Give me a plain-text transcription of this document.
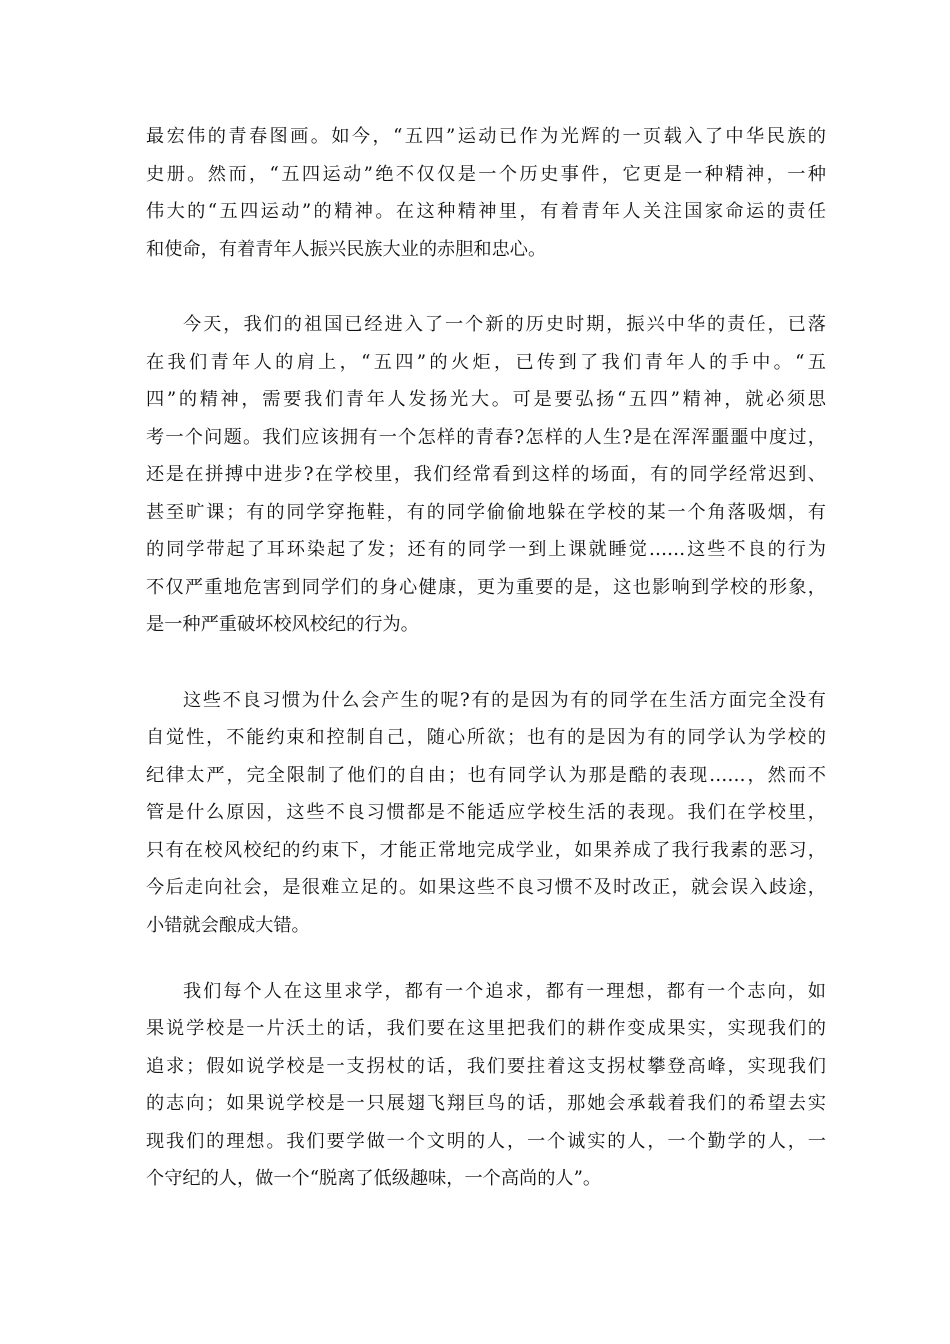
最宏伟的青春图画。如今，“五四”运动已作为光辉的一页载入了中华民族的
史册。然而，“五四运动”绝不仅仅是一个历史事件，它更是一种精神，一种
伟大的“五四运动”的精神。在这种精神里，有着青年人关注国家命运的责任
和使命，有着青年人振兴民族大业的赤胆和忠心。
今天，我们的祖国已经进入了一个新的历史时期，振兴中华的责任，已落
在我们青年人的肩上，“五四”的火炬，已传到了我们青年人的手中。“五
四”的精神，需要我们青年人发扬光大。可是要弘扬“五四”精神，就必须思
考一个问题。我们应该拥有一个怎样的青春?怎样的人生?是在浑浑噩噩中度过，
还是在拼搏中进步?在学校里，我们经常看到这样的场面，有的同学经常迟到、
甚至旷课；有的同学穿拖鞋，有的同学偷偷地躲在学校的某一个角落吸烟，有
的同学带起了耳环染起了发；还有的同学一到上课就睡觉……这些不良的行为
不仅严重地危害到同学们的身心健康，更为重要的是，这也影响到学校的形象，
是一种严重破坏校风校纪的行为。
这些不良习惯为什么会产生的呢?有的是因为有的同学在生活方面完全没有
自觉性，不能约束和控制自己，随心所欲；也有的是因为有的同学认为学校的
纪律太严，完全限制了他们的自由；也有同学认为那是酷的表现……，然而不
管是什么原因，这些不良习惯都是不能适应学校生活的表现。我们在学校里，
只有在校风校纪的约束下，才能正常地完成学业，如果养成了我行我素的恶习，
今后走向社会，是很难立足的。如果这些不良习惯不及时改正，就会误入歧途，
小错就会酿成大错。
我们每个人在这里求学，都有一个追求，都有一理想，都有一个志向，如
果说学校是一片沃土的话，我们要在这里把我们的耕作变成果实，实现我们的
追求；假如说学校是一支拐杖的话，我们要拄着这支拐杖攀登高峰，实现我们
的志向；如果说学校是一只展翅飞翔巨鸟的话，那她会承载着我们的希望去实
现我们的理想。我们要学做一个文明的人，一个诚实的人，一个勤学的人，一
个守纪的人，做一个“脱离了低级趣味，一个高尚的人”。
